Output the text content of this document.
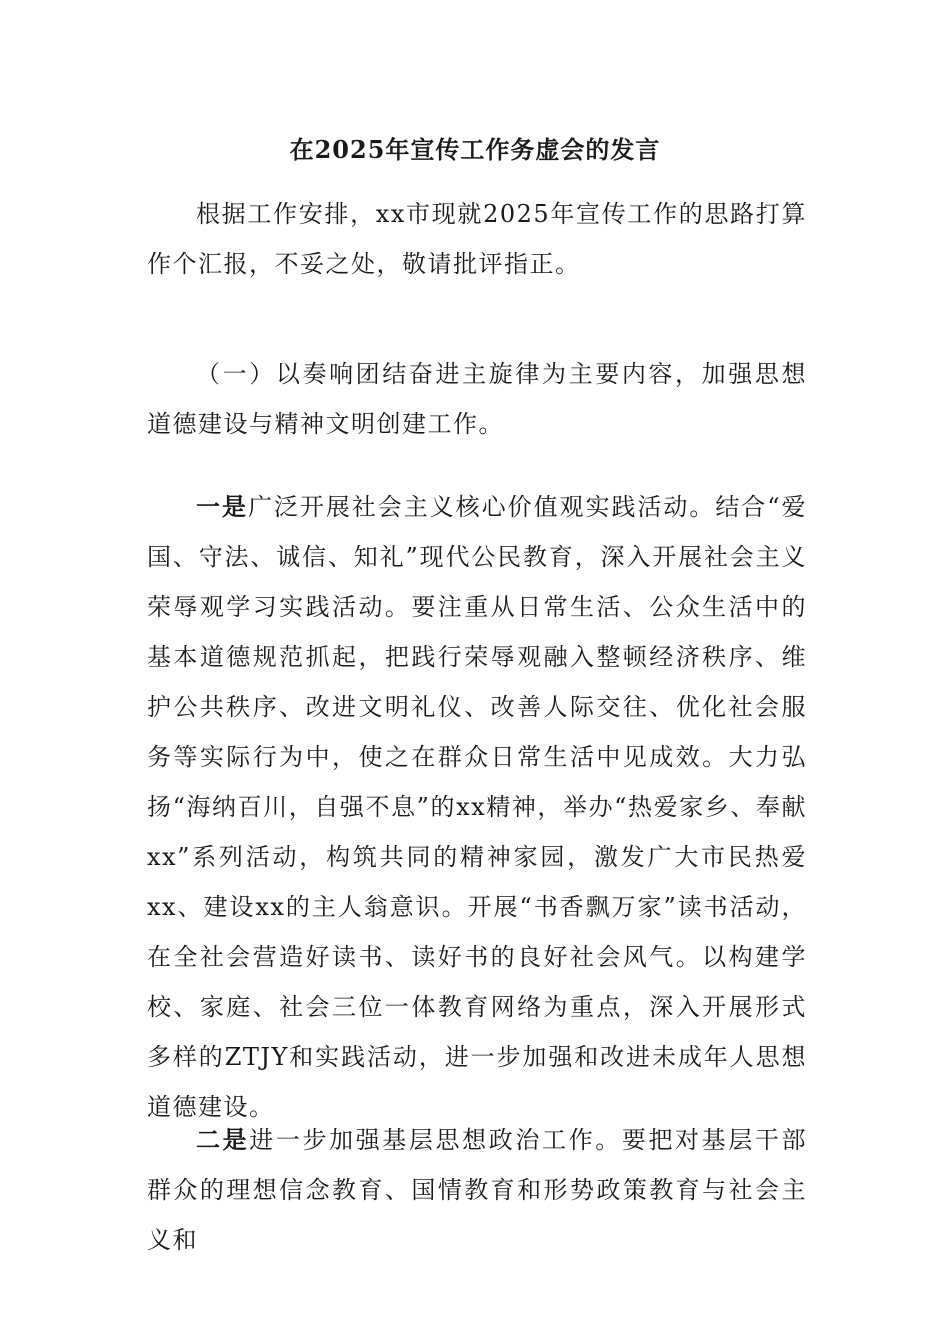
在2025年宣传工作务虚会的发言

根据工作安排，xx市现就2025年宣传工作的思路打算作个汇报，不妥之处，敬请批评指正。

（一）以奏响团结奋进主旋律为主要内容，加强思想道德建设与精神文明创建工作。

一是广泛开展社会主义核心价值观实践活动。结合“爱国、守法、诚信、知礼”现代公民教育，深入开展社会主义荣辱观学习实践活动。要注重从日常生活、公众生活中的基本道德规范抓起，把践行荣辱观融入整顿经济秩序、维护公共秩序、改进文明礼仪、改善人际交往、优化社会服务等实际行为中，使之在群众日常生活中见成效。大力弘扬“海纳百川，自强不息”的xx精神，举办“热爱家乡、奉献xx”系列活动，构筑共同的精神家园，激发广大市民热爱xx、建设xx的主人翁意识。开展“书香飘万家”读书活动，在全社会营造好读书、读好书的良好社会风气。以构建学校、家庭、社会三位一体教育网络为重点，深入开展形式多样的ZTJY和实践活动，进一步加强和改进未成年人思想道德建设。

二是进一步加强基层思想政治工作。要把对基层干部群众的理想信念教育、国情教育和形势政策教育与社会主义和
